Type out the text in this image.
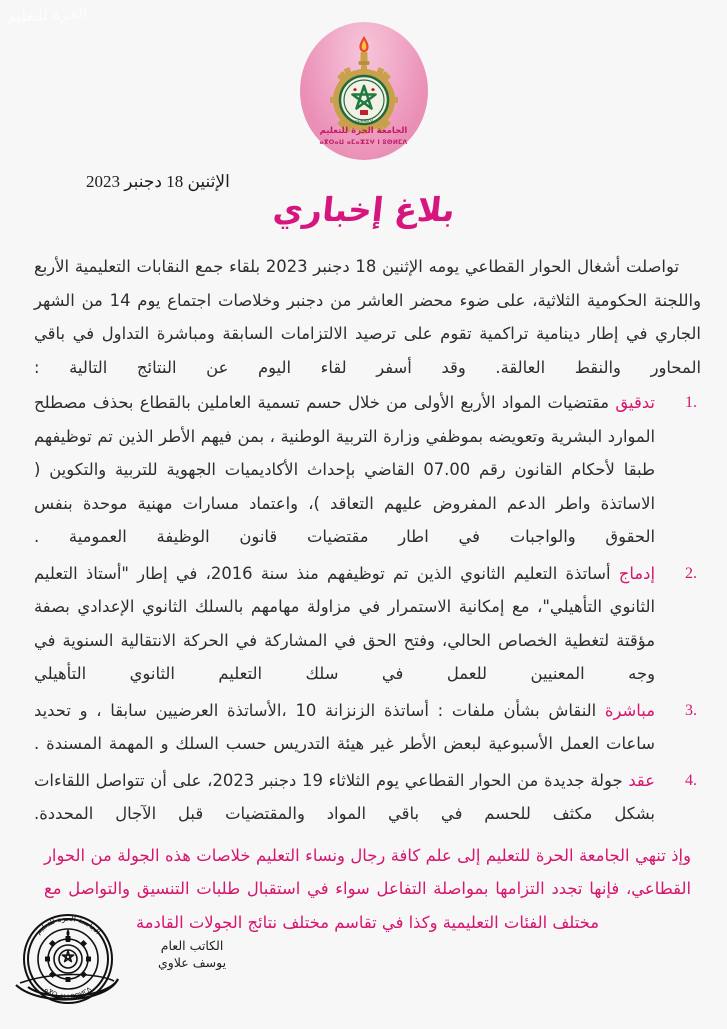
الحرة للتعليم
ⴰⵎⴰⵣⵉⵖ
الجامعة الحرة للتعليم
ⴰⴳⵔⴰⵡ ⴰⵎⴰⵣⵉⵖ ⵏ ⵓⵙⵍⵎⴷ
الإثنين 18 دجنبر 2023
بلاغ إخباري

تواصلت أشغال الحوار القطاعي يومه الإثنين 18 دجنبر 2023 بلقاء جمع النقابات التعليمية الأربع واللجنة الحكومية الثلاثية، على ضوء محضر العاشر من دجنبر وخلاصات اجتماع يوم 14 من الشهر الجاري في إطار دينامية تراكمية تقوم على ترصيد الالتزامات السابقة ومباشرة التداول في باقي المحاور والنقط العالقة. وقد أسفر لقاء اليوم عن النتائج التالية :

1.
تدقيق مقتضيات المواد الأربع الأولى من خلال حسم تسمية العاملين بالقطاع بحذف مصطلح الموارد البشرية وتعويضه بموظفي وزارة التربية الوطنية ، بمن فيهم الأطر الذين تم توظيفهم طبقا لأحكام القانون رقم 07.00 القاضي بإحداث الأكاديميات الجهوية للتربية والتكوين ( الاساتذة واطر الدعم المفروض عليهم التعاقد )، واعتماد مسارات مهنية موحدة بنفس الحقوق والواجبات في اطار مقتضيات قانون الوظيفة العمومية .
2.
إدماج أساتذة التعليم الثانوي الذين تم توظيفهم منذ سنة 2016، في إطار "أستاذ التعليم الثانوي التأهيلي"، مع إمكانية الاستمرار في مزاولة مهامهم بالسلك الثانوي الإعدادي بصفة مؤقتة لتغطية الخصاص الحالي، وفتح الحق في المشاركة في الحركة الانتقالية السنوية في وجه المعنيين للعمل في سلك التعليم الثانوي التأهيلي
3.
مباشرة النقاش بشأن ملفات : أساتذة الزنزانة 10 ،الأساتذة العرضيين سابقا ، و تحديد ساعات العمل الأسبوعية لبعض الأطر غير هيئة التدريس حسب السلك و المهمة المسندة .
4.
عقد جولة جديدة من الحوار القطاعي يوم الثلاثاء 19 دجنبر 2023، على أن تتواصل اللقاءات بشكل مكثف للحسم في باقي المواد والمقتضيات قبل الآجال المحددة.

وإذ تنهي الجامعة الحرة للتعليم إلى علم كافة رجال ونساء التعليم خلاصات هذه الجولة من الحوار القطاعي، فإنها تجدد التزامها بمواصلة التفاعل سواء في استقبال طلبات التنسيق والتواصل مع مختلف الفئات التعليمية وكذا في تقاسم مختلف نتائج الجولات القادمة

الجامعة الحرة للتعليم
ⴰⴳⵔⴰⵡ ⵏ ⵓⵙⵍⵎⴷ
الكاتب العام
يوسف علاوي
